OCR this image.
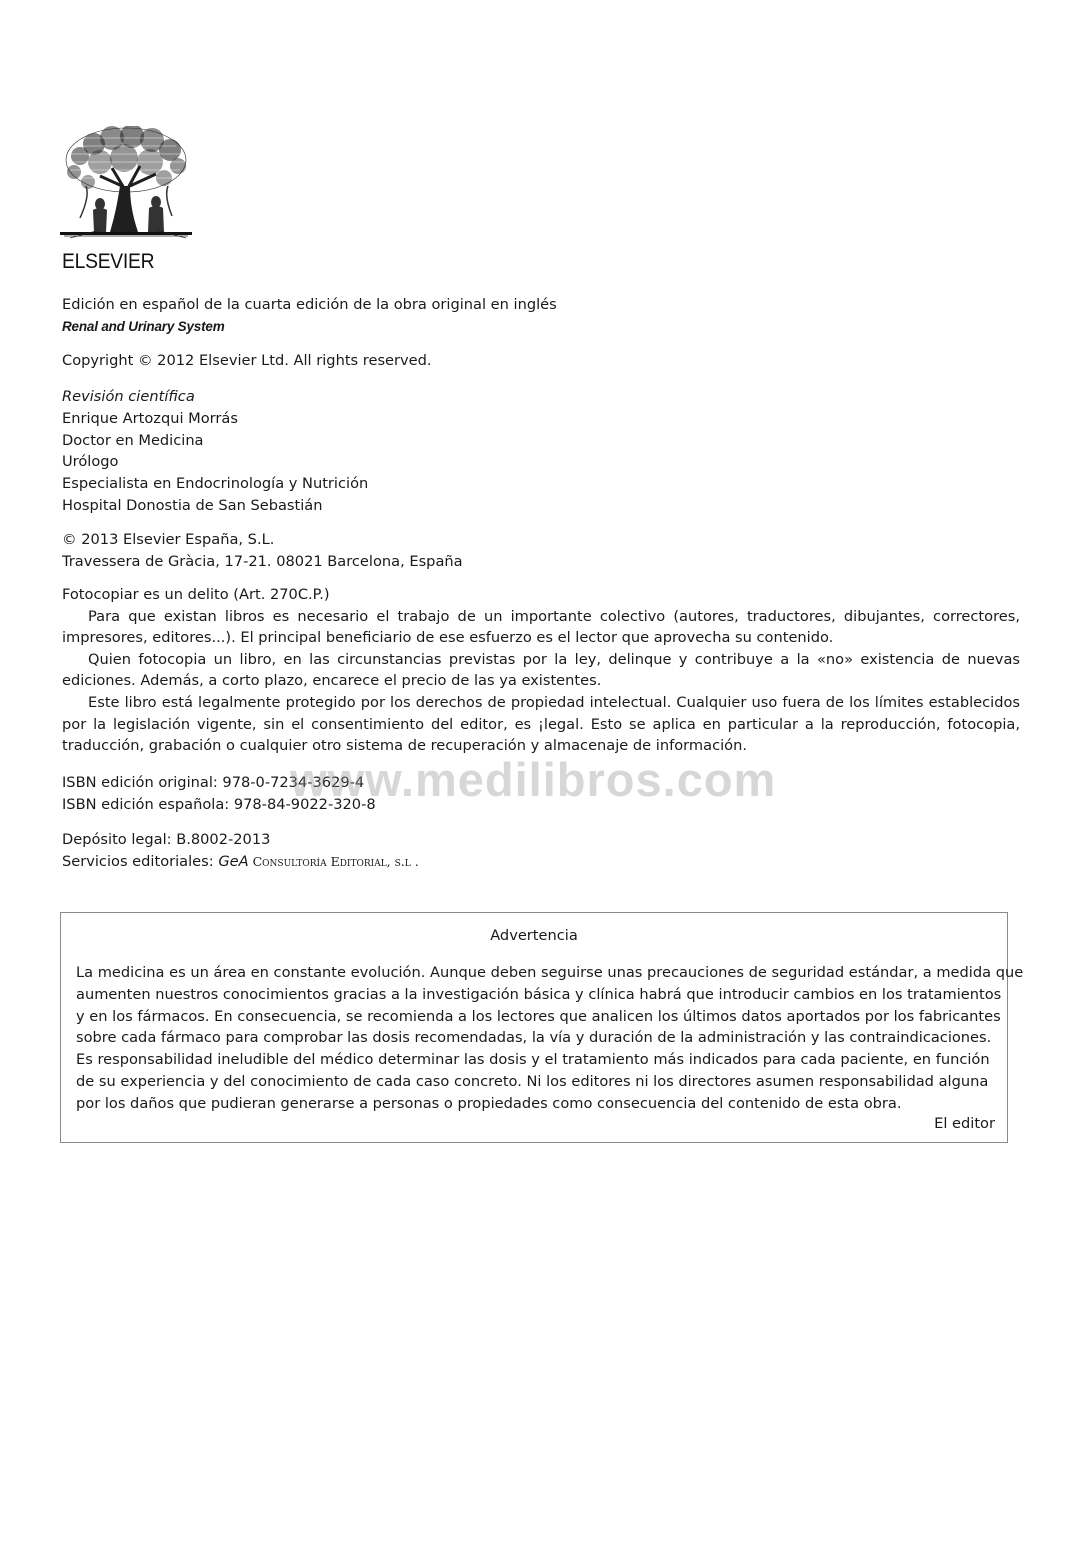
ELSEVIER
Edición en español de la cuarta edición de la obra original en inglés
Renal and Urinary System
Copyright © 2012 Elsevier Ltd. All rights reserved.
Revisión científica
Enrique Artozqui Morrás
Doctor en Medicina
Urólogo
Especialista en Endocrinología y Nutrición
Hospital Donostia de San Sebastián
© 2013 Elsevier España, S.L.
Travessera de Gràcia, 17-21. 08021 Barcelona, España

Fotocopiar es un delito (Art. 270C.P.)

Para que existan libros es necesario el trabajo de un importante colectivo (autores, traductores, dibujantes, correctores, impresores, editores...). El principal beneficiario de ese esfuerzo es el lector que aprovecha su contenido.

Quien fotocopia un libro, en las circunstancias previstas por la ley, delinque y contribuye a la «no» existencia de nuevas ediciones. Además, a corto plazo, encarece el precio de las ya existentes.

Este libro está legalmente protegido por los derechos de propiedad intelectual. Cualquier uso fuera de los límites establecidos por la legislación vigente, sin el consentimiento del editor, es ¡legal. Esto se aplica en particular a la reproducción, fotocopia, traducción, grabación o cualquier otro sistema de recuperación y almacenaje de información.

ISBN edición original: 978-0-7234-3629-4
ISBN edición española: 978-84-9022-320-8
Depósito legal: B.8002-2013
Servicios editoriales: GeA Consultoría Editorial, s.l .
www.medilibros.com
Advertencia
La medicina es un área en constante evolución. Aunque deben seguirse unas precauciones de seguridad estándar, a medida que
aumenten nuestros conocimientos gracias a la investigación básica y clínica habrá que introducir cambios en los tratamientos
y en los fármacos. En consecuencia, se recomienda a los lectores que analicen los últimos datos aportados por los fabricantes
sobre cada fármaco para comprobar las dosis recomendadas, la vía y duración de la administración y las contraindicaciones.
Es responsabilidad ineludible del médico determinar las dosis y el tratamiento más indicados para cada paciente, en función
de su experiencia y del conocimiento de cada caso concreto. Ni los editores ni los directores asumen responsabilidad alguna
por los daños que pudieran generarse a personas o propiedades como consecuencia del contenido de esta obra.
El editor
